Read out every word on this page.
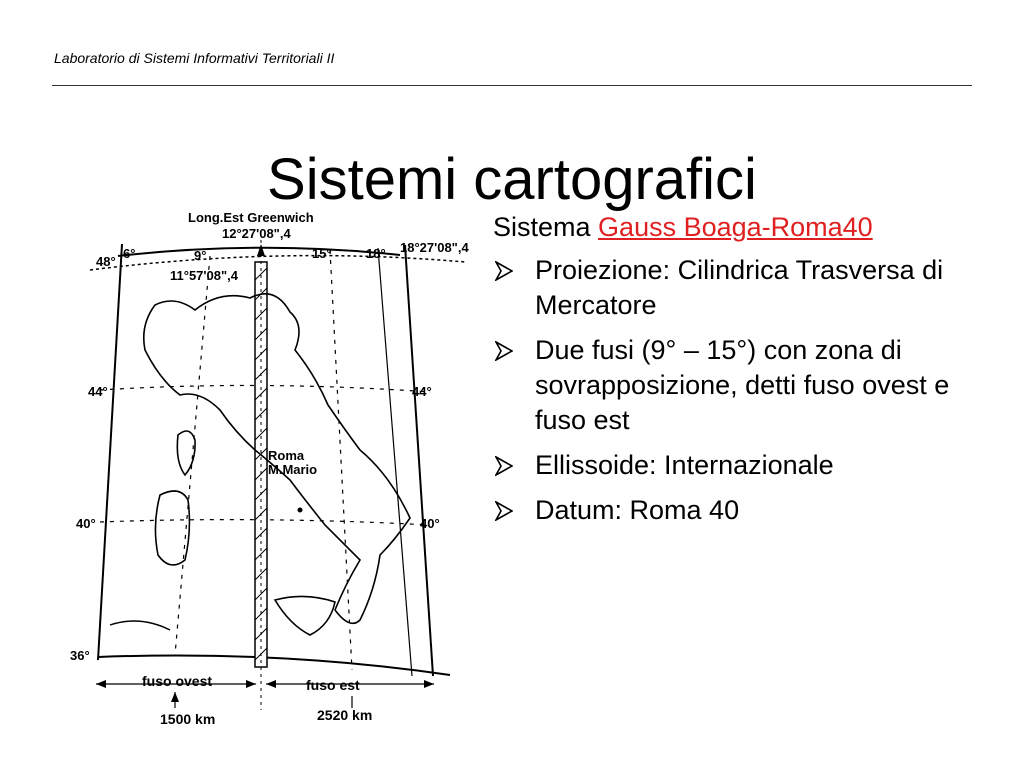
Laboratorio di Sistemi Informativi Territoriali II
Sistemi cartografici
Long.Est Greenwich
12°27'08",4
6°	9°	15°	18° 18°27'08",4
11°57'08",4
48°
44°	44°
40°	40°
36°
Roma
M.Mario
fuso ovest	fuso est
1500 km	2520 km

Sistema Gauss Boaga-Roma40

Proiezione: Cilindrica Trasversa di Mercatore
Due fusi (9° – 15°) con zona di sovrapposizione, detti fuso ovest e fuso est
Ellissoide: Internazionale
Datum: Roma 40
